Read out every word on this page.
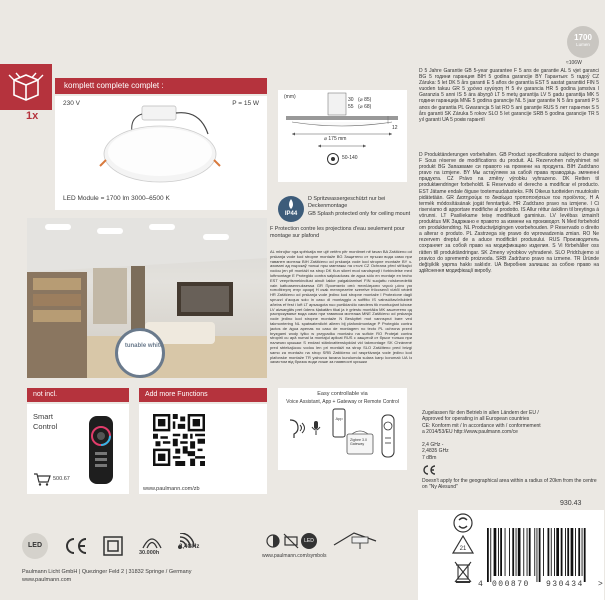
komplett complete complet :
1x
230 V	P = 15 W
LED Module = 1700 lm 3000–6500 K
1700
Lumen
≈106W
(mm)	30 (⌀ 85)
55 (⌀ 68)
12
⌀ 175 mm
50-140
IP44
D Spritzwassergeschützt nur bei Deckenmontage
GB Splash protected only for ceiling mount
F Protection contre les projections d'eau seulement pour montage sur plafond
AL mbrojtur nga spërkatja me ujë vetëm për montimet në tavan BA Zaštićeno od prskanja vode kod stropne montaže BG Защитено от пръски вода само при таванен монтаж BIH Zaštićeno od prskanja vode kod stropne montaže BY з-аховані ад пырскаў толькі пры мантажы на столі CZ Ochrana před stříkající vodou jen při montáži na strop DK Kun sikret mod vandsprøjt i forbindelse med loftmontage E Protegido contra salpicaduras de agua sólo en montaje en techo EST veepritsmekindlust ainult lakke paigaldamisel FIN suojattu roiskevedeltä vain kattoasennuksessa GR Προστασία από πιτσιλίσματα νερού μόνο για τοποθέτηση στην οροφή H csak mennyezetre szerelve fröccsenő víztől védett HR Zaštićeno od prskanja vode jedino kod stropne montaže I Protezione dagli spruzzi d'acqua solo in caso di montaggio a soffitto IS vatnsúðavörðublett aðeins ef fest í loft LT apsaugota nuo purškiančio vandens tik montuojant lubose LV aizsargāts pret ūdens šļakatām tikai ja ir griestu montāža MK заштитено од распрскување вода само при таванска монтажа MNE Zaštićeno od prskanja vode jedino kod stropne montaže N Beskyttet mot vannsprut bare ved takmontering NL spatwaterdicht alleen bij plafondmontage P Protegido contra jactos de água apenas no caso de montagem no tecto PL ochrona przed bryzgami wody tylko w przypadku montażu na suficie RO Protejat contra stropirii cu apă numai la montajul aplicat RUS с защитой от брызг только при наличии крышки S endast stänkvattenskyddat vid takmontage SK Chránené pred striekajúcou vodou len pri montáži na strop SLO Zaščiteno pred brizgi samo za montažo na strop SRB Zaštićeno od raspršivanja vode jedino kod plafonske montaže TR yalnızca tavana kurulumda sulara karşı korumalı UA Із захистом від бризок води лише за наявності кришки
D 5 Jahre Garantie GB 5-year guarantee F 5 ans de garantie AL 5 vjet garanci BG 5 години гаранция BIH 5 godina garancije BY Гарантыя: 5 гадоў CZ Záruka: 5 let DK 5 års garanti E 5 años de garantía EST 5 aastat garantiid FIN 5 vuoden takuu GR 5 χρόνια εγγύηση H 5 év garancia HR 5 godina jamstva I Garanzia 5 anni IS 5 ára ábyrgð LT 5 metų garantija LV 5 gadu garantija MK 5 години гаранција MNE 5 godina garancije NL 5 jaar garantie N 5 års garanti P 5 anos de garantia PL Gwarancja 5 lat RO 5 ani garanţie RUS 5 лет гарантии S 5 års garanti SK Záruka 5 rokov SLO 5 let garancije SRB 5 godina garancije TR 5 yıl garanti UA 5 років гарантії
D Produktänderungen vorbehalten. GB Product specifications subject to change F Sous réserve de modifications du produit. AL Rezervohen ndryshimet në produkt BG Запазваме си правото на промени на продукта. BIH Zadržano pravo na izmjene. BY Мы астаўляем за сабой права праводзіць змяненні прадукта. CZ Právo na změny výrobku vyhrazeno. DK Retten til produktændringer forbeholdt. E Reservado el derecho a modificar el producto. EST Jätame endale õiguse tootemuudatusteks. FIN Oikeus tuotteiden muutoksiin pidätetään. GR Διατηρούμε το δικαίωμα τροποποιήσεων του προϊόντος. H A termék módosításának jogát fenntartjuk. HR Zadržano pravo na izmjene. I Ci riserviamo di apportare modifiche al prodotto. IS Allur réttur áskilinn til breytinga á vörunni. LT Pasiliekame teisę modifikuoti gaminius. LV Ievēbas izmainīt produktus MK Задржано е правото за измени на производот. N Med forbehold om produktendring. NL Productwijzigingen voorbehouden. P Reservado o direito a alterar o produto. PL Zastrzega się prawo do wprowadzenia zmian. RO Ne rezervem dreptul de a aduce modificări produsului. RUS Производитель сохраняет за собой право на модификацию изделия. S Vi förbehåller oss rätten till produktändringar. SK Zmeny výrobkov vyhradené. SLO Pridržujemo si pravico do sprememb proizvoda. SRB Zadržano pravo na izmene. TR Üründe değişiklik yapma hakkı saklıdır. UA Виробник залишає за собою право на здійснення модифікації виробу.
tunable white
not incl.
Smart Control
500.67
Add more Functions
www.paulmann.com/zb
Easy controllable via
Voice Assistant, App + Gateway or Remote Control
App
Zigbee 3.0 Gateway
Zugelassen für den Betrieb in allen Ländern der EU /
Approved for operating in all European countries
CE: Konform mit / In accordance with / conformement
a 2014/53/EU http://www.paulmann.com/ce
2,4 GHz -
2,4835 GHz
7 dBm
Doesn't apply for the geographical area within a radius of 20km from the centre on "Ny Alesund"
930.43
21
4 000870 930434 >
LED
30.000h
2,4GHz
LED
www.paulmann.com/symbols
Paulmann Licht GmbH | Quezinger Feld 2 | 31832 Springe / Germany
www.paulmann.com
